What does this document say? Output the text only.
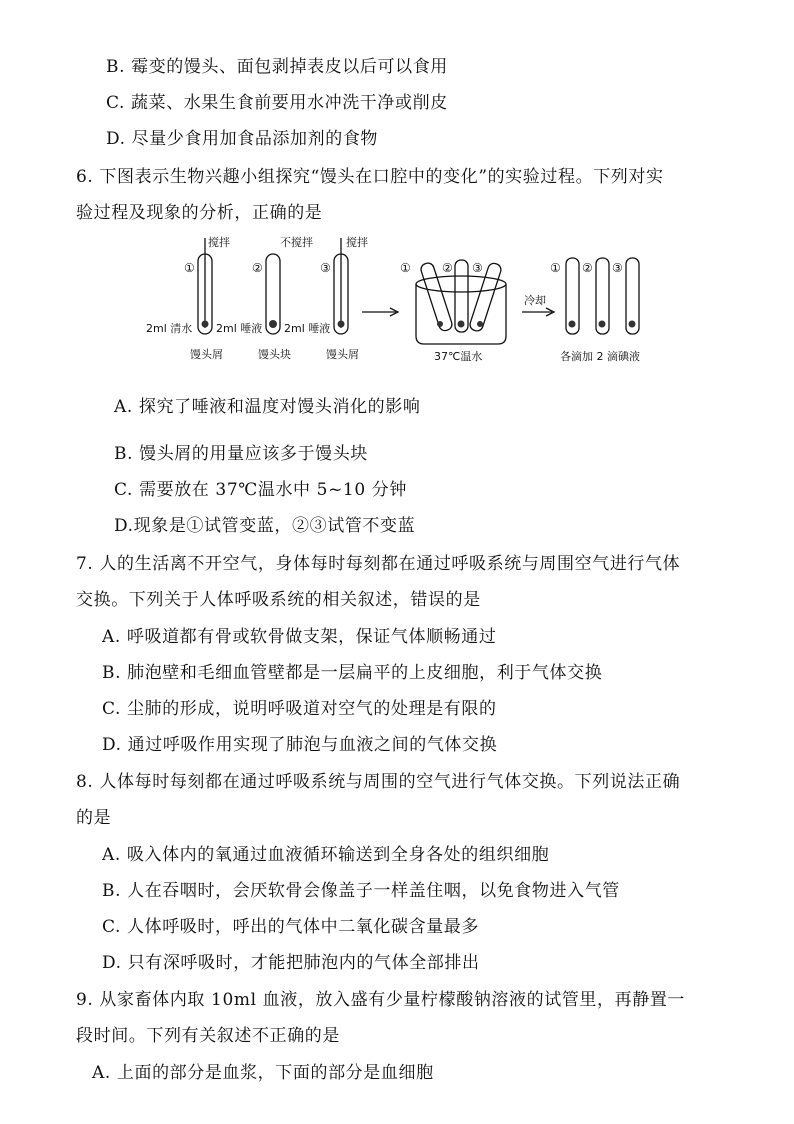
B. 霉变的馒头、面包剥掉表皮以后可以食用
C. 蔬菜、水果生食前要用水冲洗干净或削皮
D. 尽量少食用加食品添加剂的食物
6. 下图表示生物兴趣小组探究“馒头在口腔中的变化”的实验过程。下列对实
验过程及现象的分析，正确的是
搅拌	不搅拌	搅拌
①	②	③
2ml 清水 2ml 唾液 2ml 唾液
馒头屑	馒头块	馒头屑
①	② ③
37℃温水
冷却
① ② ③
各滴加 2 滴碘液
A. 探究了唾液和温度对馒头消化的影响
B. 馒头屑的用量应该多于馒头块
C. 需要放在 37℃温水中 5~10 分钟
D.现象是①试管变蓝，②③试管不变蓝
7. 人的生活离不开空气，身体每时每刻都在通过呼吸系统与周围空气进行气体
交换。下列关于人体呼吸系统的相关叙述，错误的是
A. 呼吸道都有骨或软骨做支架，保证气体顺畅通过
B. 肺泡壁和毛细血管壁都是一层扁平的上皮细胞，利于气体交换
C. 尘肺的形成，说明呼吸道对空气的处理是有限的
D. 通过呼吸作用实现了肺泡与血液之间的气体交换
8. 人体每时每刻都在通过呼吸系统与周围的空气进行气体交换。下列说法正确
的是
A. 吸入体内的氧通过血液循环输送到全身各处的组织细胞
B. 人在吞咽时，会厌软骨会像盖子一样盖住咽，以免食物进入气管
C. 人体呼吸时，呼出的气体中二氧化碳含量最多
D. 只有深呼吸时，才能把肺泡内的气体全部排出
9. 从家畜体内取 10ml 血液，放入盛有少量柠檬酸钠溶液的试管里，再静置一
段时间。下列有关叙述不正确的是
A. 上面的部分是血浆，下面的部分是血细胞
